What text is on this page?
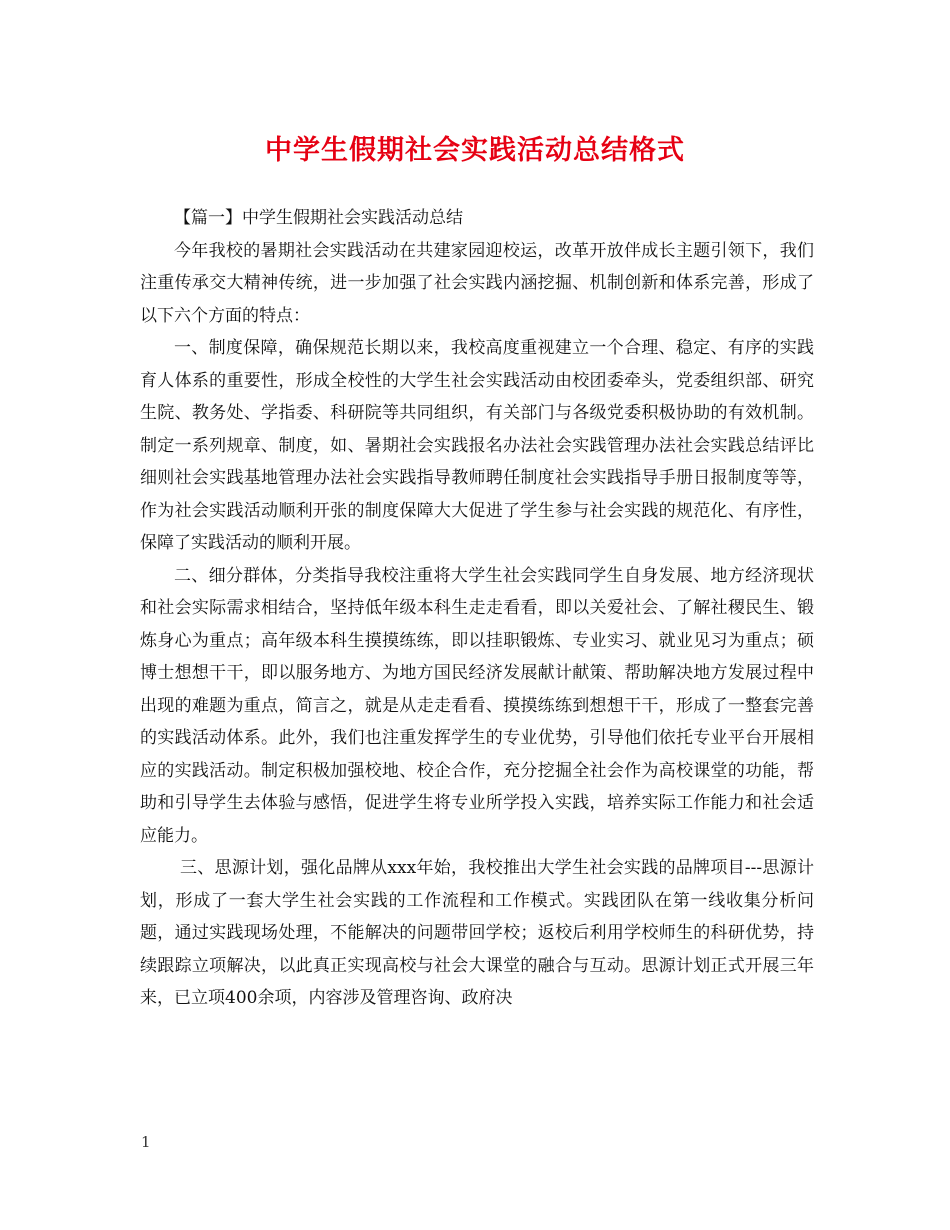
中学生假期社会实践活动总结格式

【篇一】中学生假期社会实践活动总结

今年我校的暑期社会实践活动在共建家园迎校运，改革开放伴成长主题引领下，我们注重传承交大精神传统，进一步加强了社会实践内涵挖掘、机制创新和体系完善，形成了以下六个方面的特点：

一、制度保障，确保规范长期以来，我校高度重视建立一个合理、稳定、有序的实践育人体系的重要性，形成全校性的大学生社会实践活动由校团委牵头，党委组织部、研究生院、教务处、学指委、科研院等共同组织，有关部门与各级党委积极协助的有效机制。制定一系列规章、制度，如、暑期社会实践报名办法社会实践管理办法社会实践总结评比细则社会实践基地管理办法社会实践指导教师聘任制度社会实践指导手册日报制度等等，作为社会实践活动顺利开张的制度保障大大促进了学生参与社会实践的规范化、有序性，保障了实践活动的顺利开展。

二、细分群体，分类指导我校注重将大学生社会实践同学生自身发展、地方经济现状和社会实际需求相结合，坚持低年级本科生走走看看，即以关爱社会、了解社稷民生、锻炼身心为重点；高年级本科生摸摸练练，即以挂职锻炼、专业实习、就业见习为重点；硕博士想想干干，即以服务地方、为地方国民经济发展献计献策、帮助解决地方发展过程中出现的难题为重点，简言之，就是从走走看看、摸摸练练到想想干干，形成了一整套完善的实践活动体系。此外，我们也注重发挥学生的专业优势，引导他们依托专业平台开展相应的实践活动。制定积极加强校地、校企合作，充分挖掘全社会作为高校课堂的功能，帮助和引导学生去体验与感悟，促进学生将专业所学投入实践，培养实际工作能力和社会适应能力。

三、思源计划，强化品牌从xxx年始，我校推出大学生社会实践的品牌项目---思源计划，形成了一套大学生社会实践的工作流程和工作模式。实践团队在第一线收集分析问题，通过实践现场处理，不能解决的问题带回学校；返校后利用学校师生的科研优势，持续跟踪立项解决，以此真正实现高校与社会大课堂的融合与互动。思源计划正式开展三年来，已立项400余项，内容涉及管理咨询、政府决

1
